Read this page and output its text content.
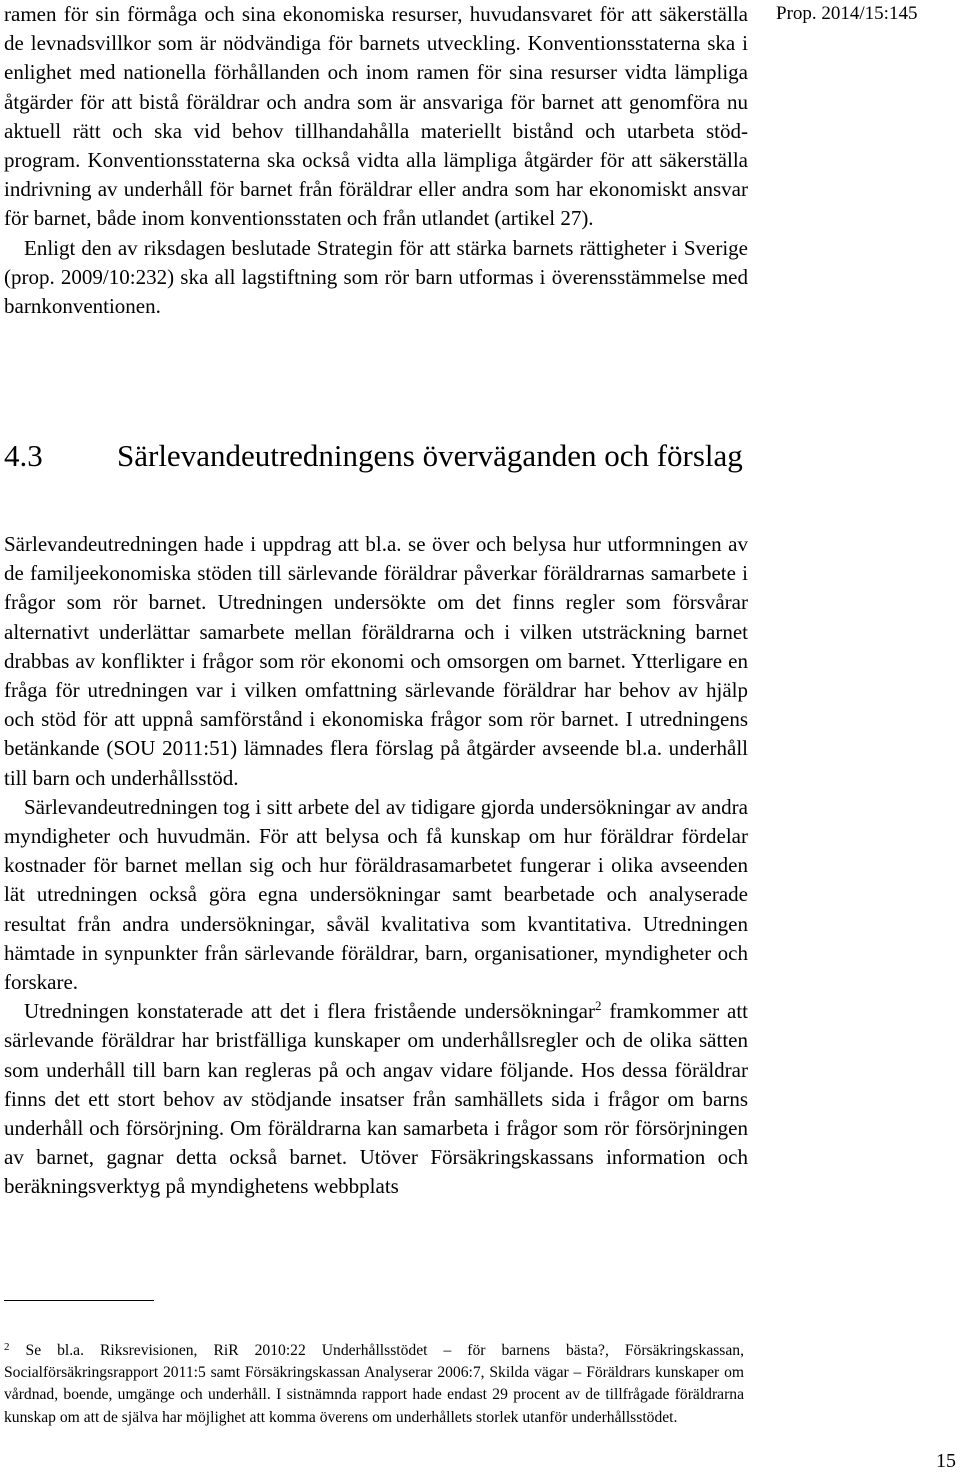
Prop. 2014/15:145

ramen för sin förmåga och sina ekonomiska resurser, huvudansvaret för att säkerställa de levnadsvillkor som är nödvändiga för barnets utveckling. Konventionsstaterna ska i enlighet med nationella förhållanden och inom ramen för sina resurser vidta lämpliga åtgärder för att bistå föräldrar och andra som är ansvariga för barnet att genomföra nu aktuell rätt och ska vid behov tillhandahålla materiellt bistånd och utarbeta stödprogram. Konventionsstaterna ska också vidta alla lämpliga åtgärder för att säkerställa indrivning av underhåll för barnet från föräldrar eller andra som har ekonomiskt ansvar för barnet, både inom konventionsstaten och från utlandet (artikel 27).

Enligt den av riksdagen beslutade Strategin för att stärka barnets rättigheter i Sverige (prop. 2009/10:232) ska all lagstiftning som rör barn utformas i överensstämmelse med barnkonventionen.

4.3	Särlevandeutredningens överväganden och förslag

Särlevandeutredningen hade i uppdrag att bl.a. se över och belysa hur utformningen av de familjeekonomiska stöden till särlevande föräldrar påverkar föräldrarnas samarbete i frågor som rör barnet. Utredningen undersökte om det finns regler som försvårar alternativt underlättar samarbete mellan föräldrarna och i vilken utsträckning barnet drabbas av konflikter i frågor som rör ekonomi och omsorgen om barnet. Ytterligare en fråga för utredningen var i vilken omfattning särlevande föräldrar har behov av hjälp och stöd för att uppnå samförstånd i ekonomiska frågor som rör barnet. I utredningens betänkande (SOU 2011:51) lämnades flera förslag på åtgärder avseende bl.a. underhåll till barn och underhållsstöd.

Särlevandeutredningen tog i sitt arbete del av tidigare gjorda undersökningar av andra myndigheter och huvudmän. För att belysa och få kunskap om hur föräldrar fördelar kostnader för barnet mellan sig och hur föräldrasamarbetet fungerar i olika avseenden lät utredningen också göra egna undersökningar samt bearbetade och analyserade resultat från andra undersökningar, såväl kvalitativa som kvantitativa. Utredningen hämtade in synpunkter från särlevande föräldrar, barn, organisationer, myndigheter och forskare.

Utredningen konstaterade att det i flera fristående undersökningar$^2$ framkommer att särlevande föräldrar har bristfälliga kunskaper om underhållsregler och de olika sätten som underhåll till barn kan regleras på och angav vidare följande. Hos dessa föräldrar finns det ett stort behov av stödjande insatser från samhällets sida i frågor om barns underhåll och försörjning. Om föräldrarna kan samarbeta i frågor som rör försörjningen av barnet, gagnar detta också barnet. Utöver Försäkringskassans information och beräkningsverktyg på myndighetens webbplats

$^2$ Se bl.a. Riksrevisionen, RiR 2010:22 Underhållsstödet – för barnens bästa?, Försäkringskassan, Socialförsäkringsrapport 2011:5 samt Försäkringskassan Analyserar 2006:7, Skilda vägar – Föräldrars kunskaper om vårdnad, boende, umgänge och underhåll. I sistnämnda rapport hade endast 29 procent av de tillfrågade föräldrarna kunskap om att de själva har möjlighet att komma överens om underhållets storlek utanför underhållsstödet.
15
